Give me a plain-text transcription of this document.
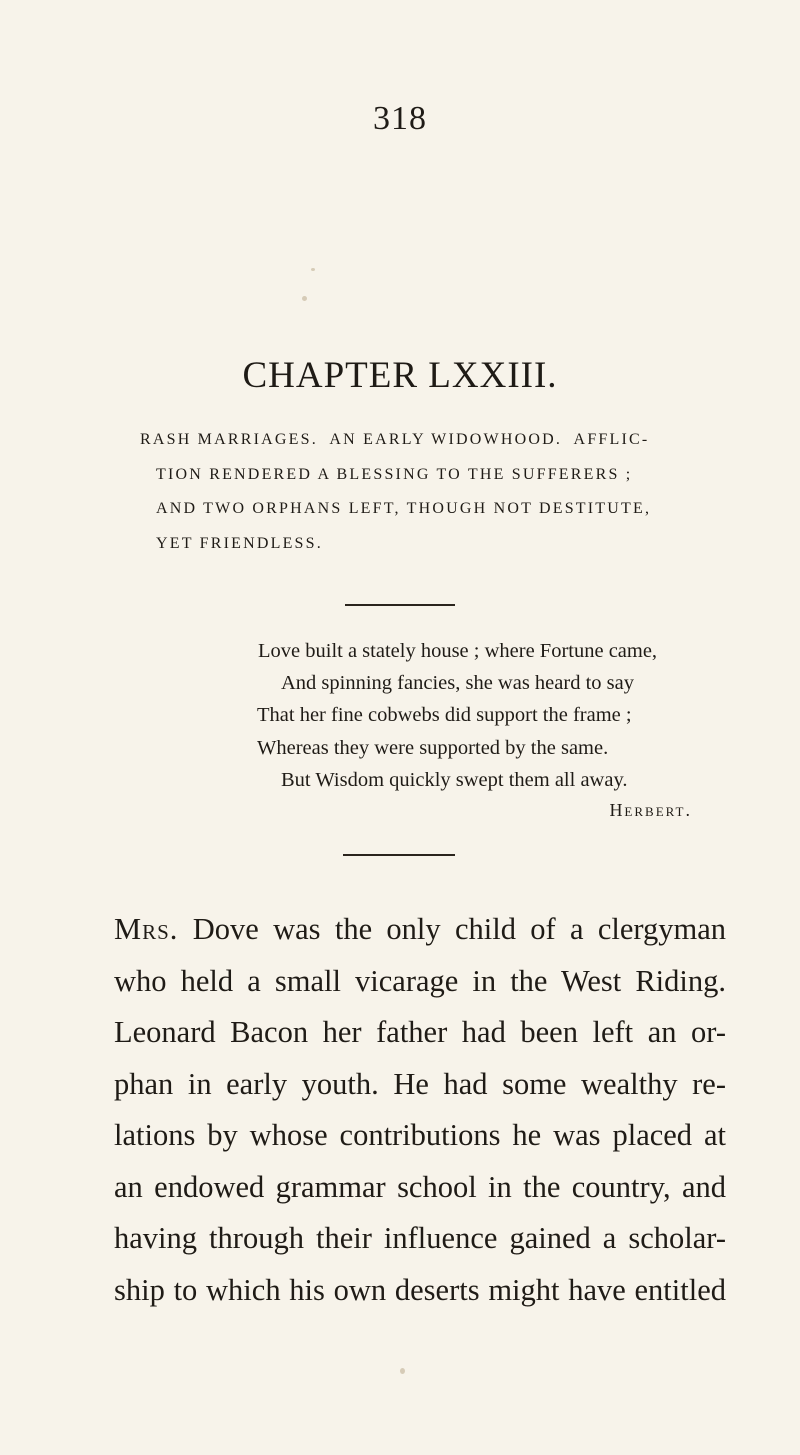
318
CHAPTER LXXIII.
RASH MARRIAGES.  AN EARLY WIDOWHOOD.  AFFLIC-
TION RENDERED A BLESSING TO THE SUFFERERS ;
AND TWO ORPHANS LEFT, THOUGH NOT DESTITUTE,
YET FRIENDLESS.
Love built a stately house ; where Fortune came,
And spinning fancies, she was heard to say
That her fine cobwebs did support the frame ;
Whereas they were supported by the same.
But Wisdom quickly swept them all away.
Herbert.
Mrs. Dove was the only child of a clergyman
who held a small vicarage in the West Riding.
Leonard Bacon her father had been left an or-
phan in early youth. He had some wealthy re-
lations by whose contributions he was placed at
an endowed grammar school in the country, and
having through their influence gained a scholar-
ship to which his own deserts might have entitled
